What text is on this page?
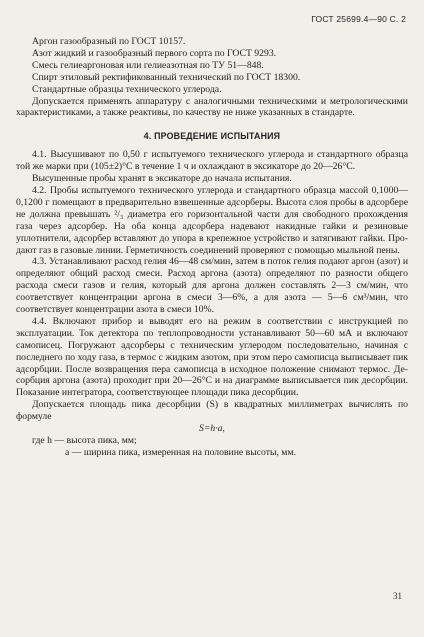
ГОСТ 25699.4—90 С. 2

Аргон газообразный по ГОСТ 10157.

Азот жидкий и газообразный первого сорта по ГОСТ 9293.

Смесь гелиеаргоновая или гелиеазотная по ТУ 51—848.

Спирт этиловый ректификованный технический по ГОСТ 18300.

Стандартные образцы технического углерода.

Допускается применять аппаратуру с аналогичными техническими и метрологическими характеристиками, а также реактивы, по качеству не ниже указанных в стандарте.

4. ПРОВЕДЕНИЕ ИСПЫТАНИЯ

4.1. Высушивают по 0,50 г испытуемого технического углерода и стандартного образца той же марки при (105±2)°С в течение 1 ч и охлаждают в эксикаторе до 20—26°С.

Высушенные пробы хранят в эксикаторе до начала испытания.

4.2. Пробы испытуемого технического углерода и стандартного образца массой 0,1000—0,1200 г помещают в предварительно взвешенные адсорберы. Высота слоя пробы в адсорбере не должна превышать ²/₃ диаметра его горизонтальной части для свободного прохождения газа через адсорбер. На оба конца адсорбера надевают накидные гайки и резиновые уплотнители, адсорбер вставляют до упора в крепежное устройство и затягивают гайки. Продают газ в газовые линии. Герметичность соединений проверяют с помощью мыльной пены.

4.3. Устанавливают расход гелия 46—48 см/мин, затем в поток гелия подают аргон (азот) и определяют общий расход смеси. Расход аргона (азота) определяют по разности общего расхода смеси газов и гелия, который для аргона должен составлять 2—3 см/мин, что соответствует концентрации аргона в смеси 3—6%, а для азота — 5—6 см³/мин, что соответствует концентрации азота в смеси 10%.

4.4. Включают прибор и выводят его на режим в соответствии с инструкцией по эксплуатации. Ток детектора по теплопроводности устанавливают 50—60 мА и включают самописец. Погружают адсорберы с техническим углеродом последовательно, начиная с последнего по ходу газа, в термос с жидким азотом, при этом перо самописца выписывает пик адсорбции. После возвращения пера самописца в исходное положение снимают термос. Десорбция аргона (азота) проходит при 20—26°С и на диаграмме выписывается пик десорбции. Показание интегратора, соответствующее площади пика десорбции.

Допускается площадь пика десорбции (S) в квадратных миллиметрах вычислять по формуле

S=h·a,

где h — высота пика, мм;

a — ширина пика, измеренная на половине высоты, мм.

31
